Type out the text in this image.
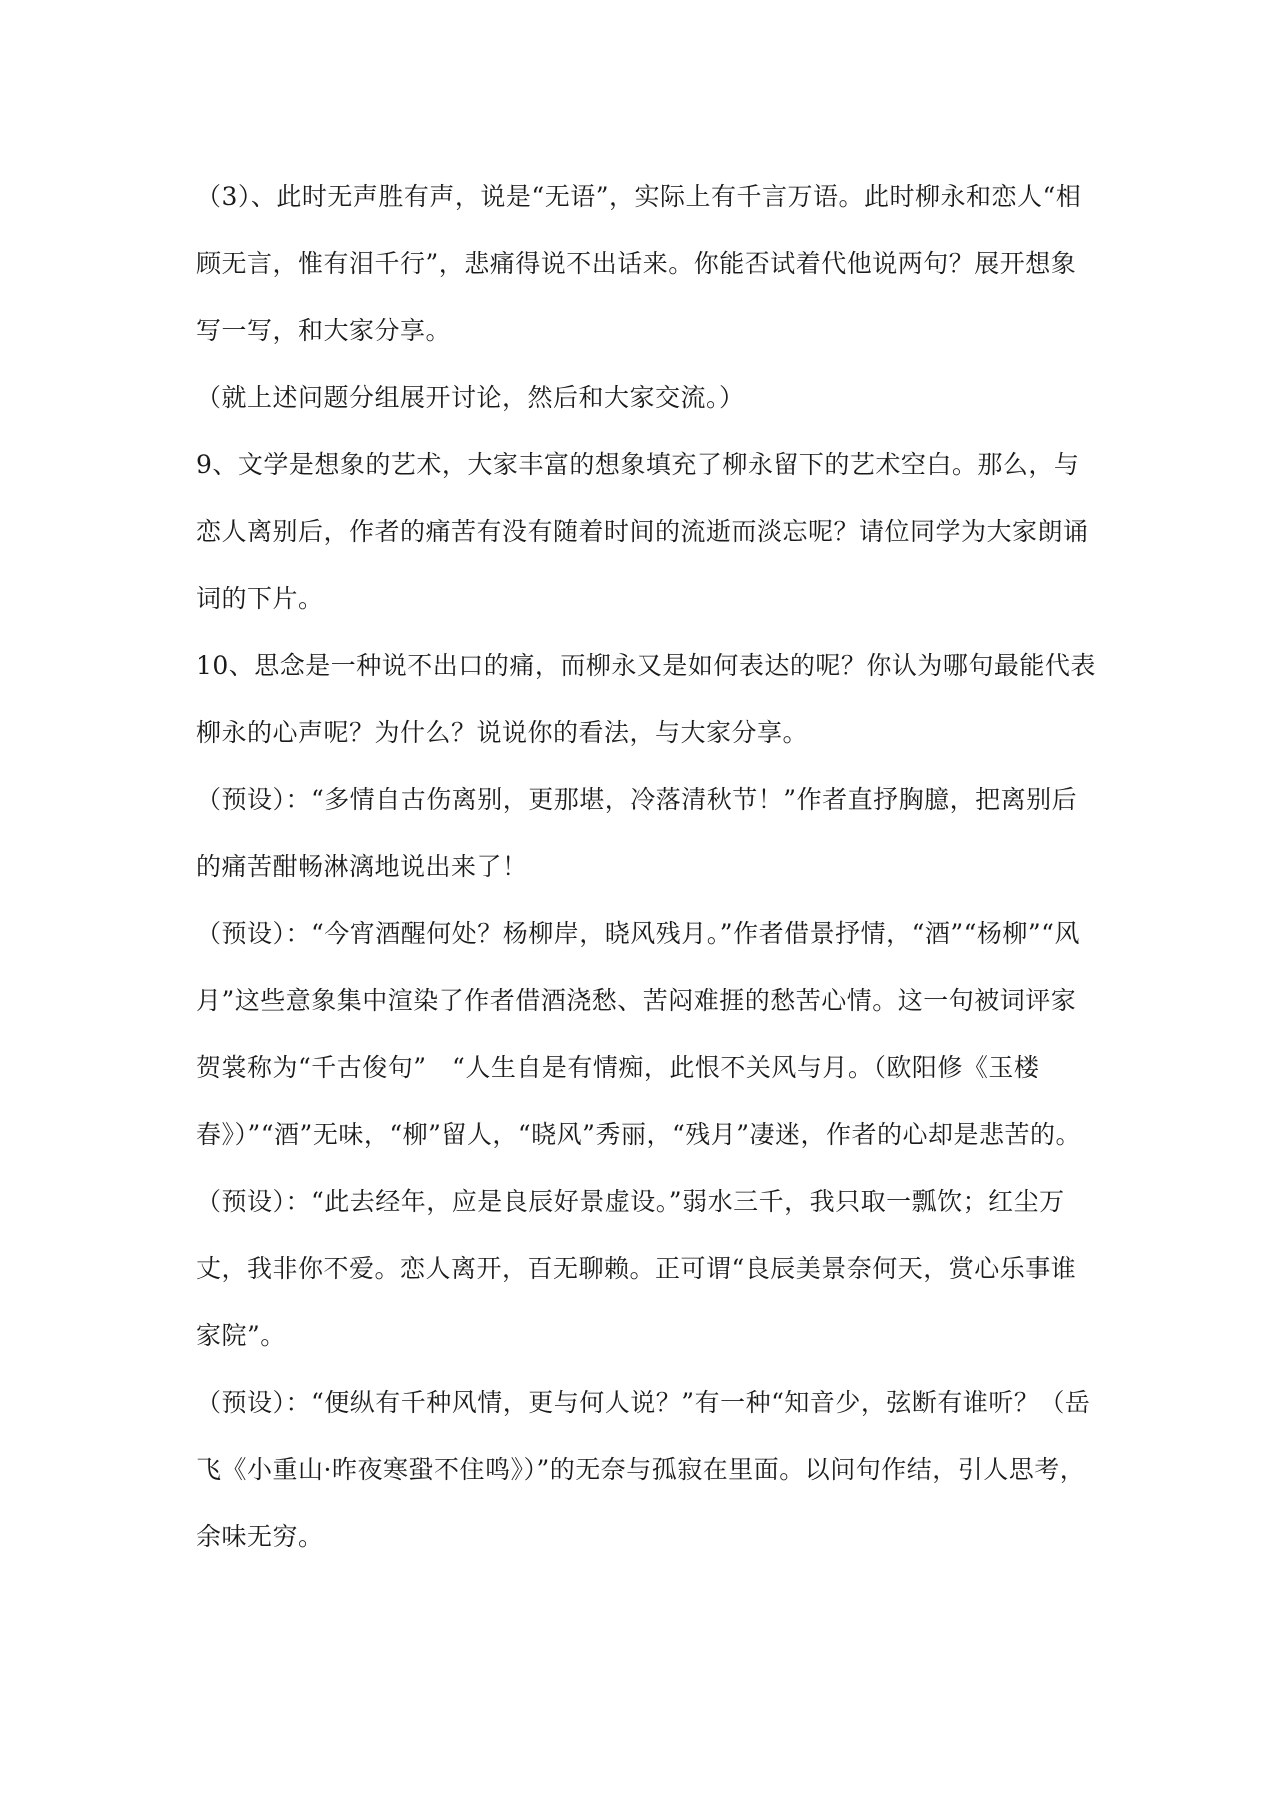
（3）、此时无声胜有声，说是“无语”，实际上有千言万语。此时柳永和恋人“相顾无言，惟有泪千行”，悲痛得说不出话来。你能否试着代他说两句？展开想象写一写，和大家分享。

（就上述问题分组展开讨论，然后和大家交流。）

9、文学是想象的艺术，大家丰富的想象填充了柳永留下的艺术空白。那么，与恋人离别后，作者的痛苦有没有随着时间的流逝而淡忘呢？请位同学为大家朗诵词的下片。

10、思念是一种说不出口的痛，而柳永又是如何表达的呢？你认为哪句最能代表柳永的心声呢？为什么？说说你的看法，与大家分享。

（预设）：“多情自古伤离别，更那堪，冷落清秋节！”作者直抒胸臆，把离别后的痛苦酣畅淋漓地说出来了！

（预设）：“今宵酒醒何处？杨柳岸，晓风残月。”作者借景抒情，“酒”“杨柳”“风月”这些意象集中渲染了作者借酒浇愁、苦闷难捱的愁苦心情。这一句被词评家贺裳称为“千古俊句”　“人生自是有情痴，此恨不关风与月。（欧阳修《玉楼春》）”“酒”无味，“柳”留人，“晓风”秀丽，“残月”凄迷，作者的心却是悲苦的。

（预设）：“此去经年，应是良辰好景虚设。”弱水三千，我只取一瓢饮；红尘万丈，我非你不爱。恋人离开，百无聊赖。正可谓“良辰美景奈何天，赏心乐事谁家院”。

（预设）：“便纵有千种风情，更与何人说？”有一种“知音少，弦断有谁听？（岳飞《小重山·昨夜寒蛩不住鸣》）”的无奈与孤寂在里面。以问句作结，引人思考，余味无穷。
